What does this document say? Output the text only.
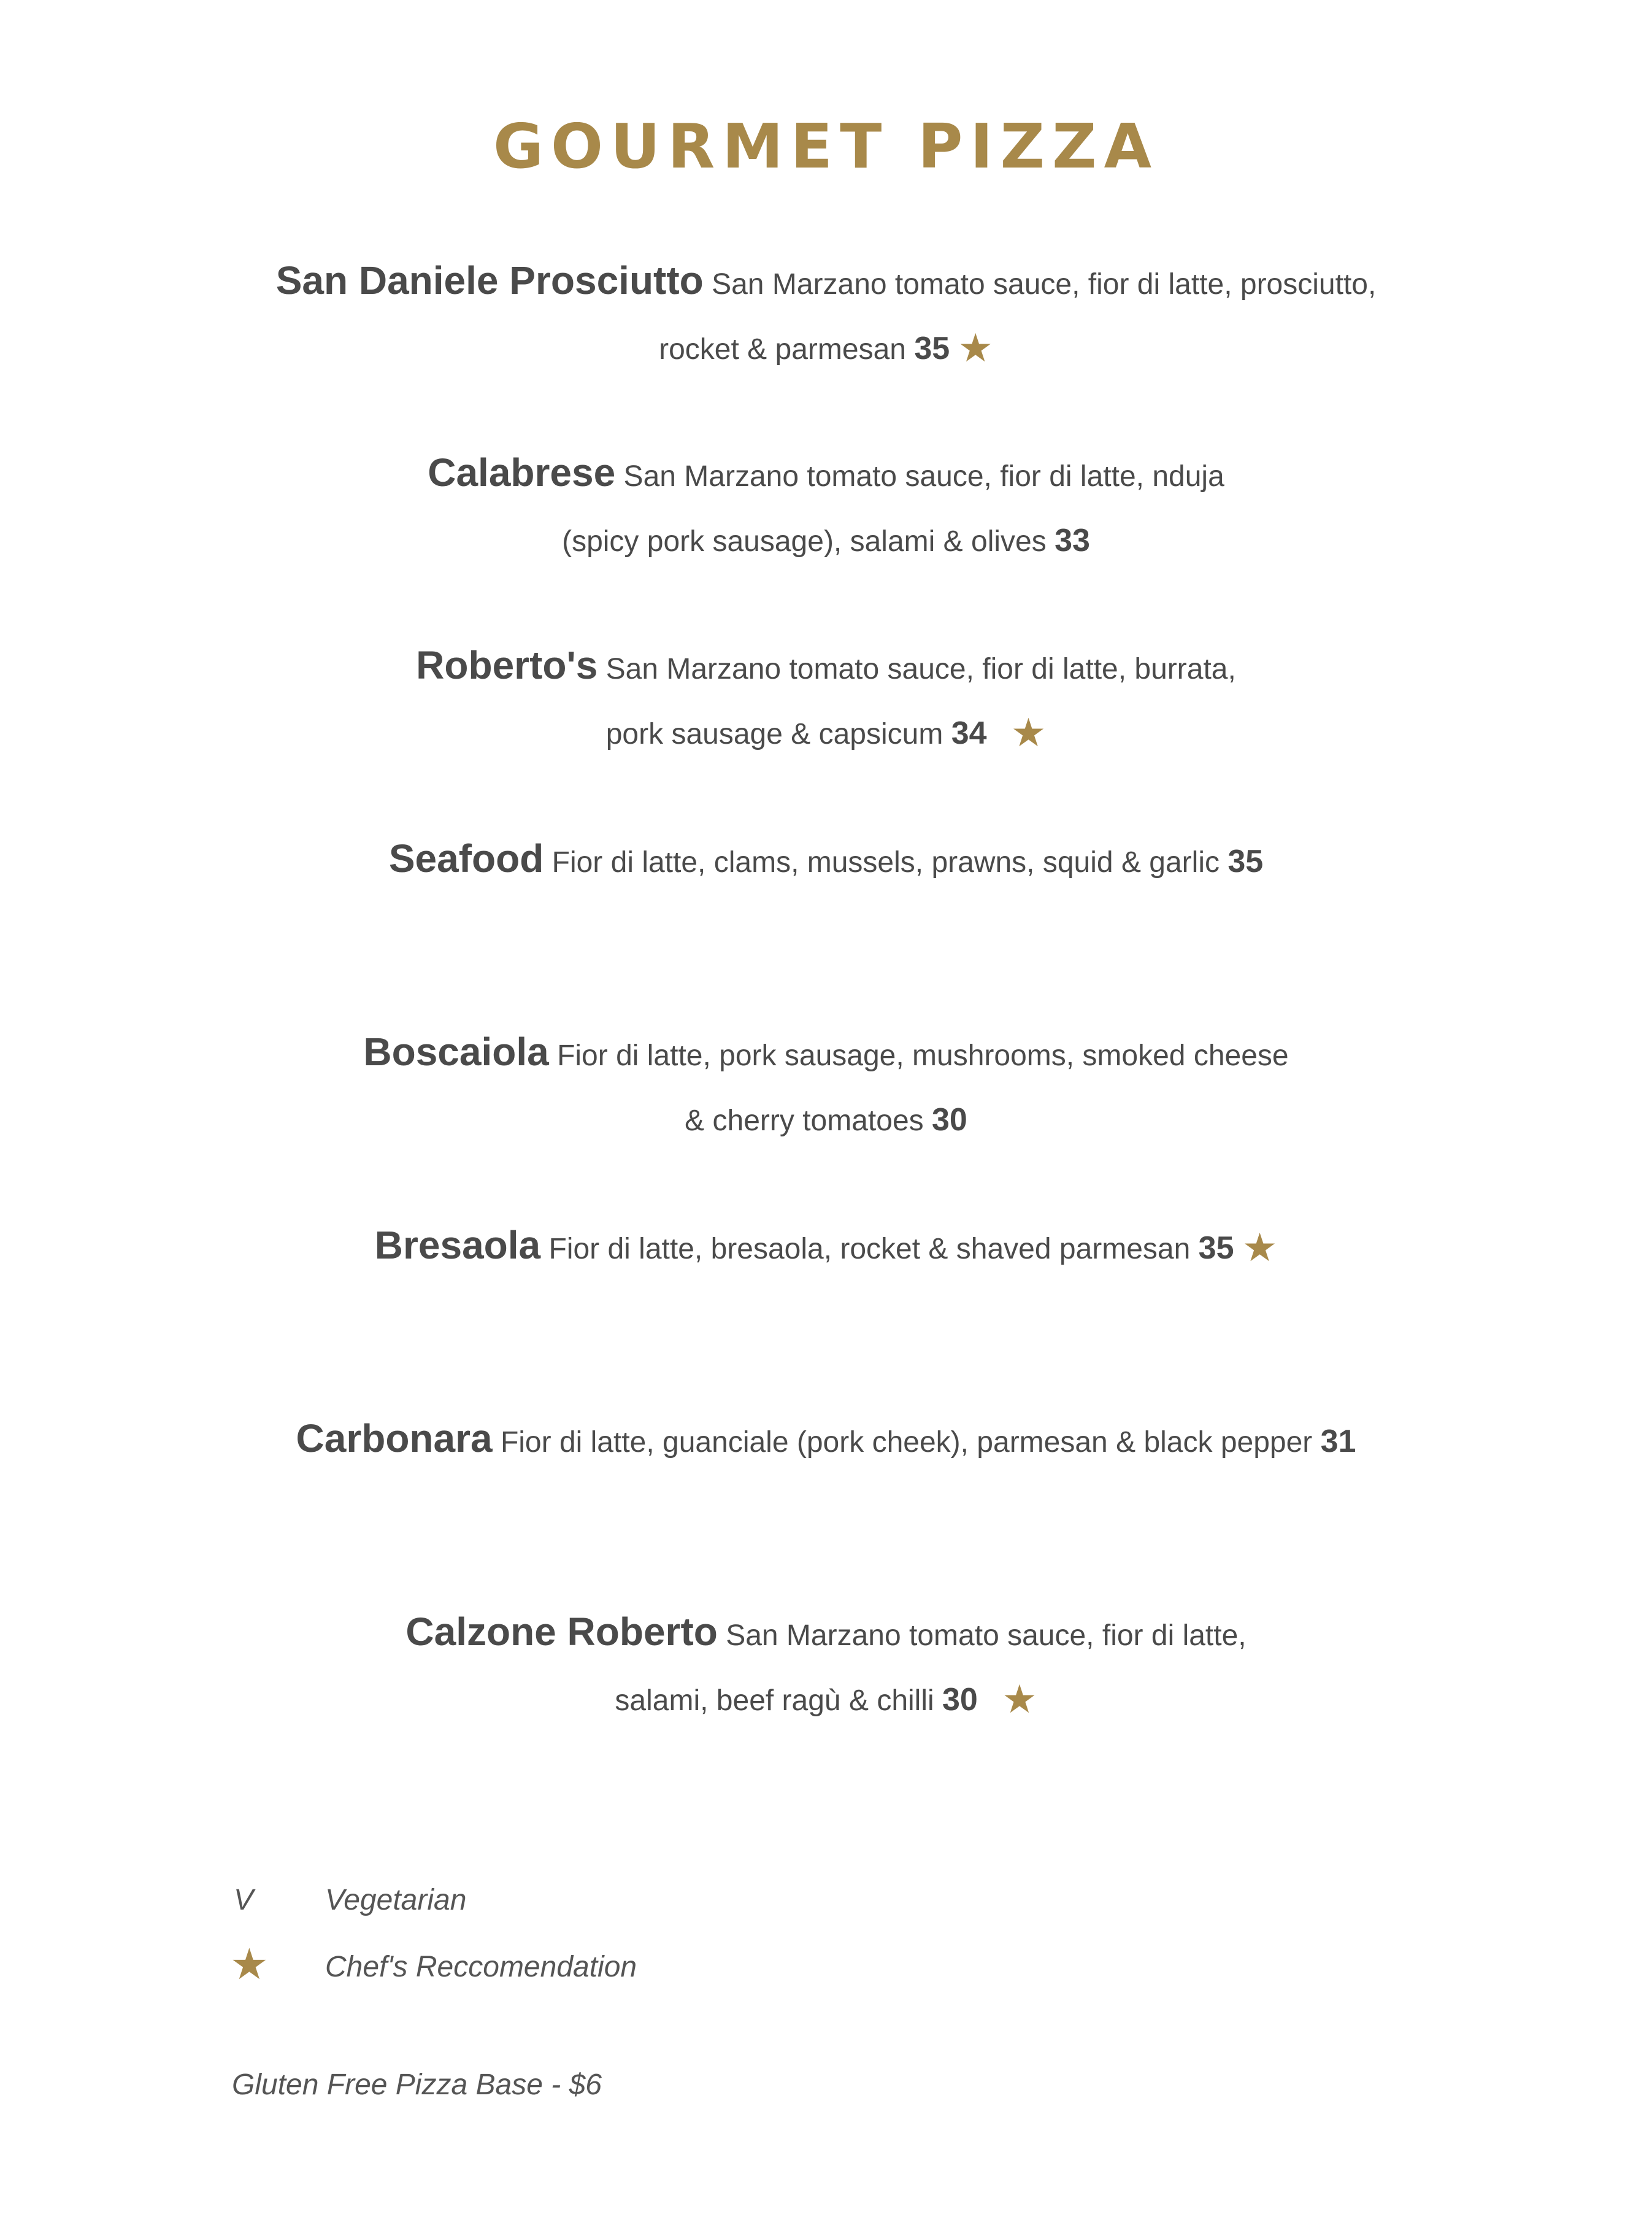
GOURMET PIZZA
San Daniele Prosciutto San Marzano tomato sauce, fior di latte, prosciutto,
rocket & parmesan 35 ★
Calabrese San Marzano tomato sauce, fior di latte, nduja
(spicy pork sausage), salami & olives 33
Roberto's San Marzano tomato sauce, fior di latte, burrata,
pork sausage & capsicum 34 ★
Seafood Fior di latte, clams, mussels, prawns, squid & garlic 35
Boscaiola Fior di latte, pork sausage, mushrooms, smoked cheese
& cherry tomatoes 30
Bresaola Fior di latte, bresaola, rocket & shaved parmesan 35 ★
Carbonara Fior di latte, guanciale (pork cheek), parmesan & black pepper 31
Calzone Roberto San Marzano tomato sauce, fior di latte,
salami, beef ragù & chilli 30 ★
V Vegetarian
★ Chef's Reccomendation
Gluten Free Pizza Base - $6
